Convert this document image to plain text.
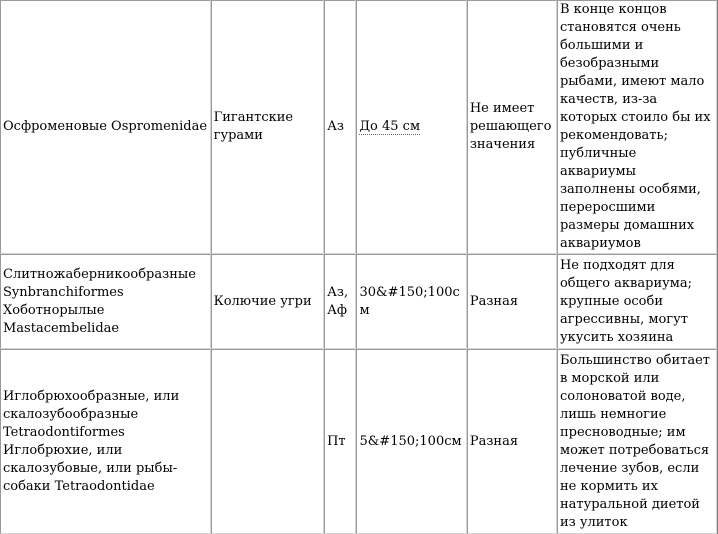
Осфроменовые Ospromenidae	Гигантские гурами	Аз	До 45 см	Не имеет решающего значения	В конце концов становятся очень большими и безобразными рыбами, имеют мало качеств, из-за которых стоило бы их рекомендовать; публичные аквариумы заполнены особями, переросшими размеры домашних аквариумов
Слитножаберникообразные Synbranchiformes Хоботнорылые Mastacembelidae	Колючие угри	Аз, Аф	30&#150;100см	Разная	Не подходят для общего аквариума; крупные особи агрессивны, могут укусить хозяина
Иглобрюхообразные, или скалозубообразные Tetraodontiformes Иглобрюхие, или скалозубовые, или рыбы-собаки Tetraodontidae		Пт	5&#150;100см	Разная	Большинство обитает в морской или солоноватой воде, лишь немногие пресноводные; им может потребоваться лечение зубов, если не кормить их натуральной диетой из улиток
